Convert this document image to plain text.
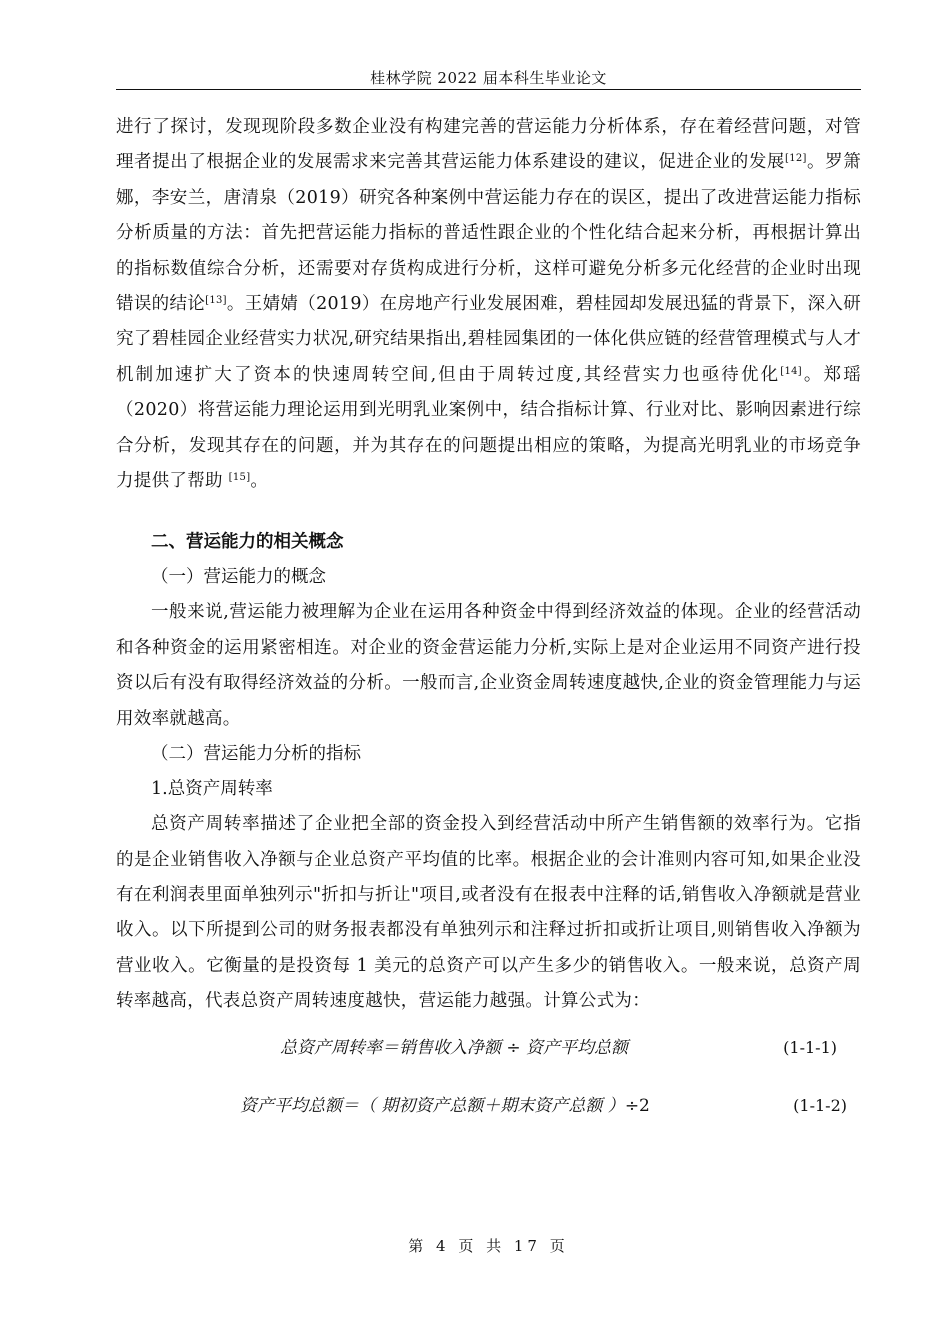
桂林学院 2022 届本科生毕业论文

进行了探讨，发现现阶段多数企业没有构建完善的营运能力分析体系，存在着经营问题，对管理者提出了根据企业的发展需求来完善其营运能力体系建设的建议，促进企业的发展[12]。罗箫娜，李安兰，唐清泉（2019）研究各种案例中营运能力存在的误区，提出了改进营运能力指标分析质量的方法：首先把营运能力指标的普适性跟企业的个性化结合起来分析，再根据计算出的指标数值综合分析，还需要对存货构成进行分析，这样可避免分析多元化经营的企业时出现错误的结论[13]。王婧婧（2019）在房地产行业发展困难，碧桂园却发展迅猛的背景下，深入研究了碧桂园企业经营实力状况,研究结果指出,碧桂园集团的一体化供应链的经营管理模式与人才机制加速扩大了资本的快速周转空间,但由于周转过度,其经营实力也亟待优化[14]。郑瑶（2020）将营运能力理论运用到光明乳业案例中，结合指标计算、行业对比、影响因素进行综合分析，发现其存在的问题，并为其存在的问题提出相应的策略，为提高光明乳业的市场竞争力提供了帮助 [15]。

二、营运能力的相关概念

（一）营运能力的概念

一般来说,营运能力被理解为企业在运用各种资金中得到经济效益的体现。企业的经营活动和各种资金的运用紧密相连。对企业的资金营运能力分析,实际上是对企业运用不同资产进行投资以后有没有取得经济效益的分析。一般而言,企业资金周转速度越快,企业的资金管理能力与运用效率就越高。

（二）营运能力分析的指标

1.总资产周转率

总资产周转率描述了企业把全部的资金投入到经营活动中所产生销售额的效率行为。它指的是企业销售收入净额与企业总资产平均值的比率。根据企业的会计准则内容可知,如果企业没有在利润表里面单独列示"折扣与折让"项目,或者没有在报表中注释的话,销售收入净额就是营业收入。以下所提到公司的财务报表都没有单独列示和注释过折扣或折让项目,则销售收入净额为营业收入。它衡量的是投资每 1 美元的总资产可以产生多少的销售收入。一般来说，总资产周转率越高，代表总资产周转速度越快，营运能力越强。计算公式为：

总资产周转率＝销售收入净额 ÷ 资产平均总额	(1-1-1)
资产平均总额＝（ 期初资产总额＋期末资产总额 ）÷2	(1-1-2)
第 4 页 共 17 页
